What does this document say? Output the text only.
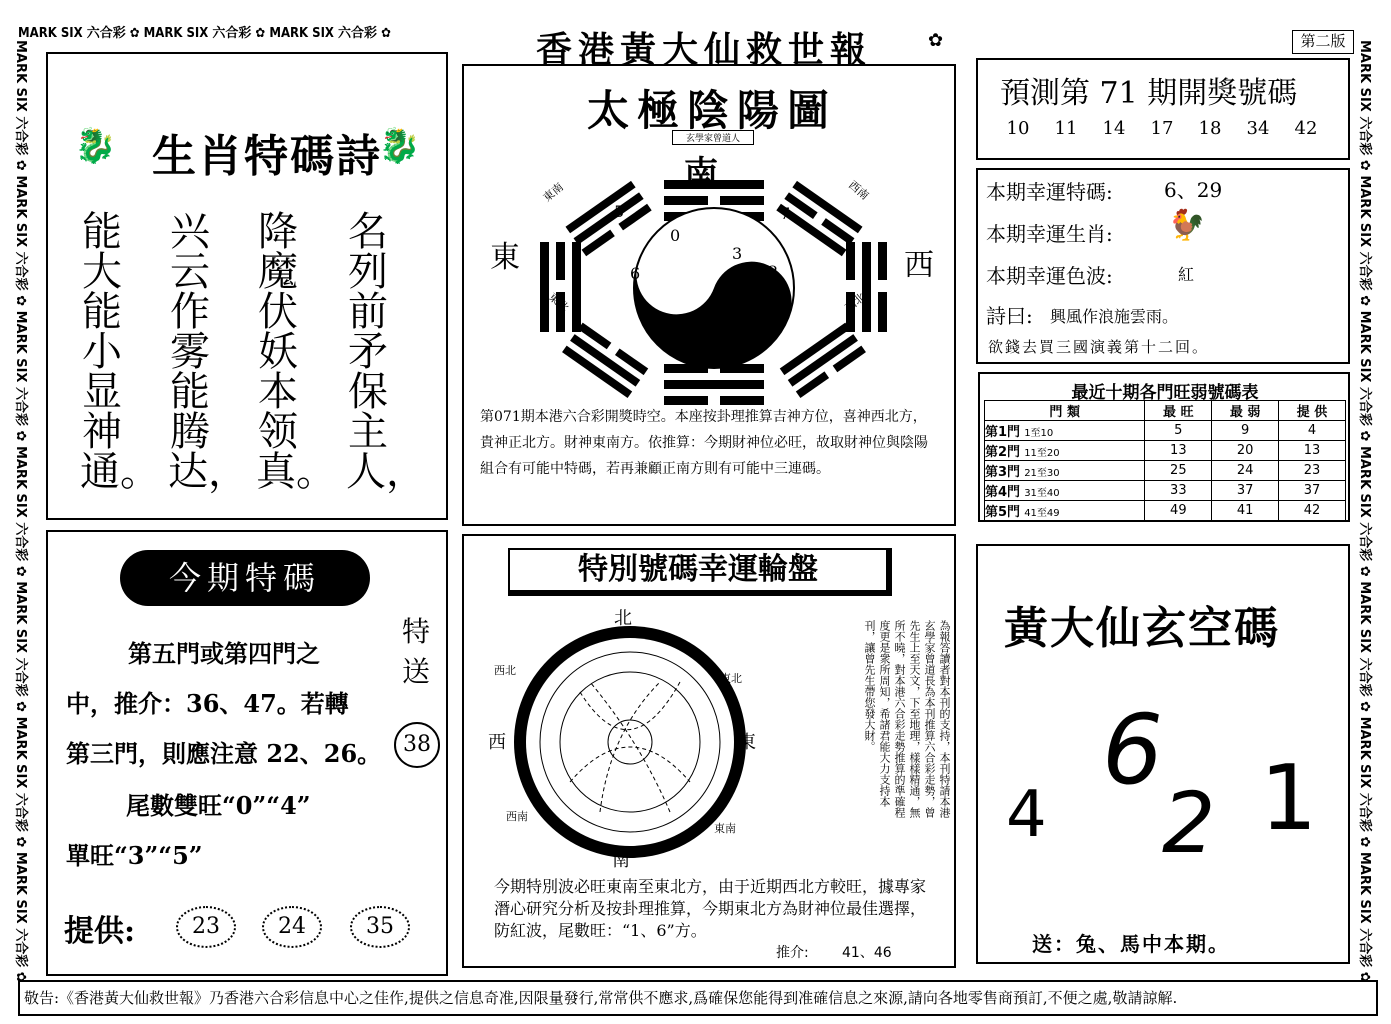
MARK SIX 六合彩 ✿ MARK SIX 六合彩 ✿ MARK SIX 六合彩 ✿
MARK SIX 六合彩 ✿ MARK SIX 六合彩 ✿ MARK SIX 六合彩 ✿ MARK SIX 六合彩 ✿ MARK SIX 六合彩 ✿ MARK SIX 六合彩 ✿ MARK SIX 六合彩 ✿
MARK SIX 六合彩 ✿ MARK SIX 六合彩 ✿ MARK SIX 六合彩 ✿ MARK SIX 六合彩 ✿ MARK SIX 六合彩 ✿ MARK SIX 六合彩 ✿ MARK SIX 六合彩 ✿
香港黃大仙救世報	✿	第二版
🐉 生肖特碼詩
🐉
能大能小显神通。
兴云作雾能腾达，
降魔伏妖本领真。
名列前矛保主人，
太極陰陽圖
玄學家曾道人
5
0
3
7
6	2
南
北
東	西
東南	西南
東北	西北
第071期本港六合彩開獎時空。本座按卦理推算吉神方位，喜神西北方，貴神正北方。財神東南方。依推算：今期財神位必旺，故取財神位與陰陽組合有可能中特碼，若再兼顧正南方則有可能中三連碼。
預測第 71 期開獎號碼
10 11 14 17 18 34 42
本期幸運特碼:	6、29
本期幸運生肖: 🐓
本期幸運色波:	紅
詩曰: 興風作浪施雲雨。
欲錢去買三國演義第十二回。
最近十期各門旺弱號碼表
門 類	最 旺	最 弱	提 供
第1門 1至10	5	9	4
第2門 11至20	13	20	13
第3門 21至30	25	24	23
第4門 31至40	33	37	37
第5門 41至49	49	41	42
今期特碼
第五門或第四門之
中，推介：36、47。若轉
第三門，則應注意 22、26。
尾數雙旺“0”“4”
單旺“3”“5”
特送
38
提供:	23	24	35
特別號碼幸運輪盤
北
南
東
西
東北
西北
東南
西南	為報答讀者對本刊的支持，本刊特請本港玄學家曾道長為本刊推算六合彩走勢，曾先生上至天文，下至地理，樣樣精通，無所不曉，對本港六合彩走勢推算的準確程度更是衆所周知，希諸君能大力支持本刊，讓曾先生帶您發大財。
今期特別波必旺東南至東北方，由于近期西北方較旺，據專家潛心研究分析及按卦理推算，今期東北方為財神位最佳選擇，防紅波，尾數旺：“1、6”方。
推介: 41、46
黃大仙玄空碼
4
6
2 1
送：兔、馬中本期。
敬告:《香港黃大仙救世報》乃香港六合彩信息中心之佳作,提供之信息奇准,因限量發行,常常供不應求,爲確保您能得到准確信息之來源,請向各地零售商預訂,不便之處,敬請諒解.
